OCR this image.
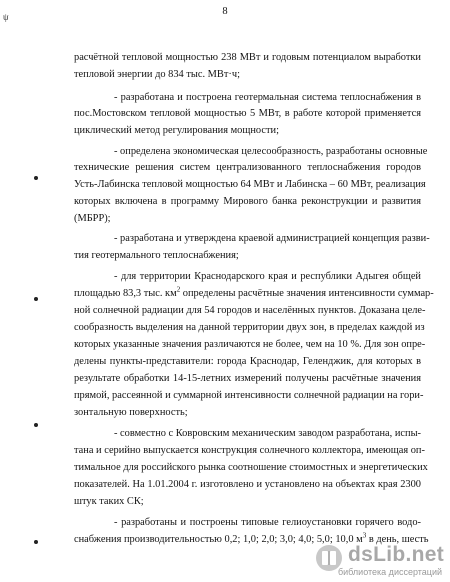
ψ	8
расчётной тепловой мощностью 238 МВт и годовым потенциалом выработки
тепловой энергии до 834 тыс. МВт·ч;
- разработана и построена геотермальная система теплоснабжения в
пос.Мостовском тепловой мощностью 5 МВт, в работе которой применяется
циклический метод регулирования мощности;
- определена экономическая целесообразность, разработаны основные
технические решения систем централизованного теплоснабжения городов
Усть-Лабинска тепловой мощностью 64 МВт и Лабинска – 60 МВт, реализация
которых включена в программу Мирового банка реконструкции и развития
(МБРР);
- разработана и утверждена краевой администрацией концепция разви-
тия геотермального теплоснабжения;
- для территории Краснодарского края и республики Адыгея общей
площадью 83,3 тыс. $км^2$ определены расчётные значения интенсивности суммар-
ной солнечной радиации для 54 городов и населённых пунктов. Доказана целе-
сообразность выделения на данной территории двух зон, в пределах каждой из
которых указанные значения различаются не более, чем на 10 %. Для зон опре-
делены пункты-представители: города Краснодар, Геленджик, для которых в
результате обработки 14-15-летних измерений получены расчётные значения
прямой, рассеянной и суммарной интенсивности солнечной радиации на гори-
зонтальную поверхность;
- совместно с Ковровским механическим заводом разработана, испы-
тана и серийно выпускается конструкция солнечного коллектора, имеющая оп-
тимальное для российского рынка соотношение стоимостных и энергетических
показателей. На 1.01.2004 г. изготовлено и установлено на объектах края 2300
штук таких СК;
- разработаны и построены типовые гелиоустановки горячего водо-
снабжения производительностью 0,2; 1,0; 2,0; 3,0; 4,0; 5,0; 10,0 $м^3$ в день, шесть
dsLib.net
библиотека диссертаций
